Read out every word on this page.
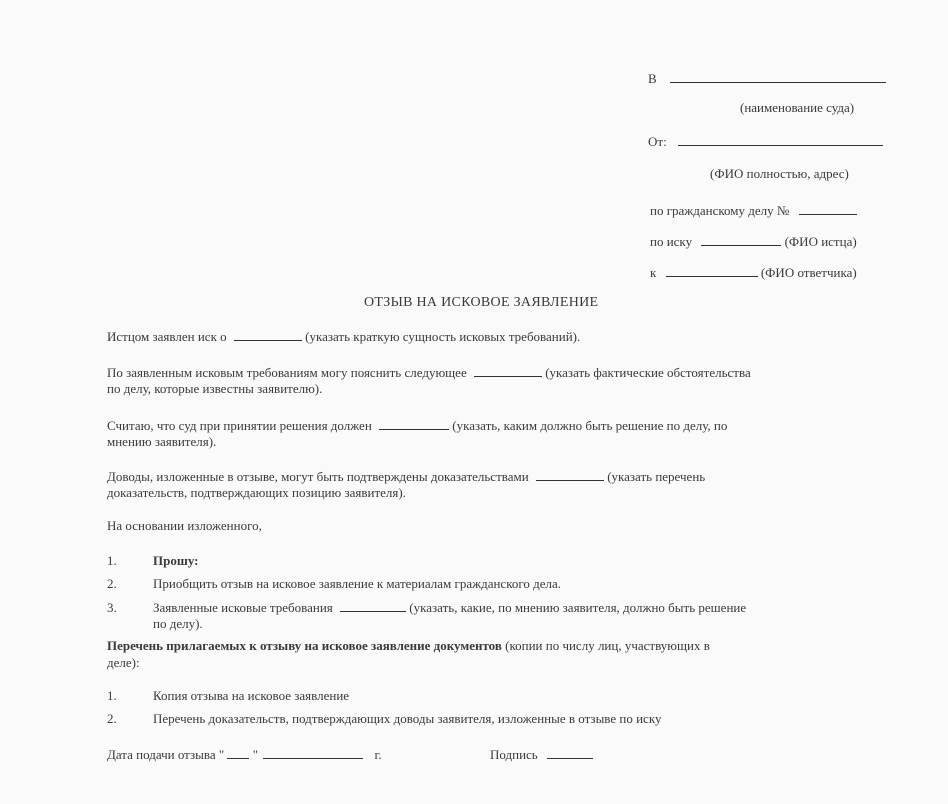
В
(наименование суда)
От:
(ФИО полностью, адрес)
по гражданскому делу №
по иску	(ФИО истца)
к	(ФИО ответчика)
ОТЗЫВ НА ИСКОВОЕ ЗАЯВЛЕНИЕ
Истцом заявлен иск о	(указать краткую сущность исковых требований).
По заявленным исковым требованиям могу пояснить следующее	(указать фактические обстоятельства
по делу, которые известны заявителю).
Считаю, что суд при принятии решения должен	(указать, каким должно быть решение по делу, по
мнению заявителя).
Доводы, изложенные в отзыве, могут быть подтверждены доказательствами	(указать перечень
доказательств, подтверждающих позицию заявителя).
На основании изложенного,
1.	Прошу:
2.	Приобщить отзыв на исковое заявление к материалам гражданского дела.
3.	Заявленные исковые требования	(указать, какие, по мнению заявителя, должно быть решение
по делу).
Перечень прилагаемых к отзыву на исковое заявление документов (копии по числу лиц, участвующих в
деле):
1.	Копия отзыва на исковое заявление
2.	Перечень доказательств, подтверждающих доводы заявителя, изложенные в отзыве по иску
Дата подачи отзыва " "	г.	Подпись
